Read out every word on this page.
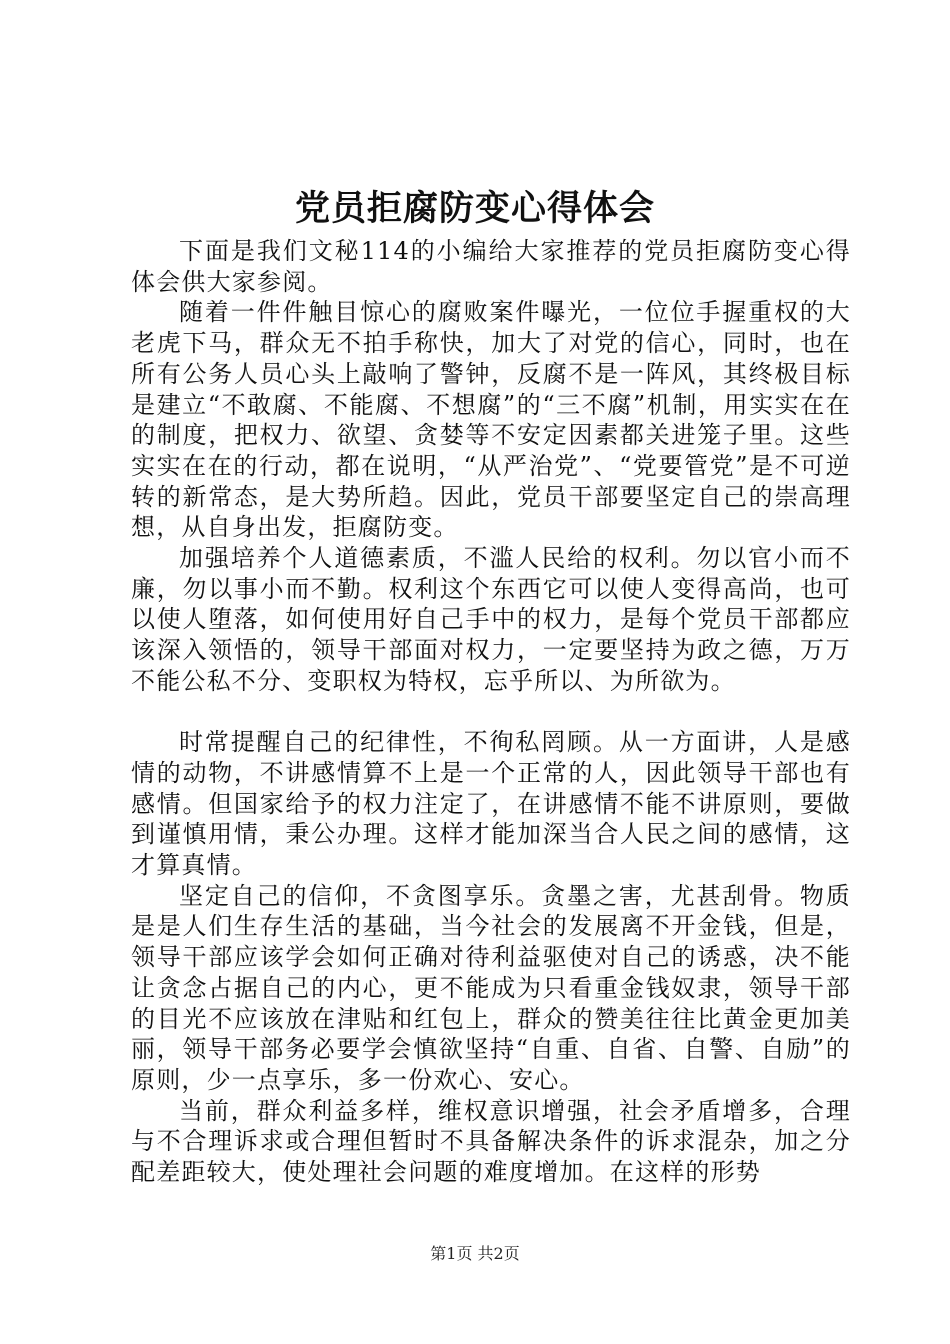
党员拒腐防变心得体会

下面是我们文秘114的小编给大家推荐的党员拒腐防变心得体会供大家参阅。

随着一件件触目惊心的腐败案件曝光，一位位手握重权的大老虎下马，群众无不拍手称快，加大了对党的信心，同时，也在所有公务人员心头上敲响了警钟，反腐不是一阵风，其终极目标是建立“不敢腐、不能腐、不想腐”的“三不腐”机制，用实实在在的制度，把权力、欲望、贪婪等不安定因素都关进笼子里。这些实实在在的行动，都在说明，“从严治党”、“党要管党”是不可逆转的新常态，是大势所趋。因此，党员干部要坚定自己的崇高理想，从自身出发，拒腐防变。

加强培养个人道德素质，不滥人民给的权利。勿以官小而不廉，勿以事小而不勤。权利这个东西它可以使人变得高尚，也可以使人堕落，如何使用好自己手中的权力，是每个党员干部都应该深入领悟的，领导干部面对权力，一定要坚持为政之德，万万不能公私不分、变职权为特权，忘乎所以、为所欲为。

时常提醒自己的纪律性，不徇私罔顾。从一方面讲，人是感情的动物，不讲感情算不上是一个正常的人，因此领导干部也有感情。但国家给予的权力注定了，在讲感情不能不讲原则，要做到谨慎用情，秉公办理。这样才能加深当合人民之间的感情，这才算真情。

坚定自己的信仰，不贪图享乐。贪墨之害，尤甚刮骨。物质是是人们生存生活的基础，当今社会的发展离不开金钱，但是，领导干部应该学会如何正确对待利益驱使对自己的诱惑，决不能让贪念占据自己的内心，更不能成为只看重金钱奴隶，领导干部的目光不应该放在津贴和红包上，群众的赞美往往比黄金更加美丽，领导干部务必要学会慎欲坚持“自重、自省、自警、自励”的原则，少一点享乐，多一份欢心、安心。

当前，群众利益多样，维权意识增强，社会矛盾增多，合理与不合理诉求或合理但暂时不具备解决条件的诉求混杂，加之分配差距较大，使处理社会问题的难度增加。在这样的形势

第1页 共2页
